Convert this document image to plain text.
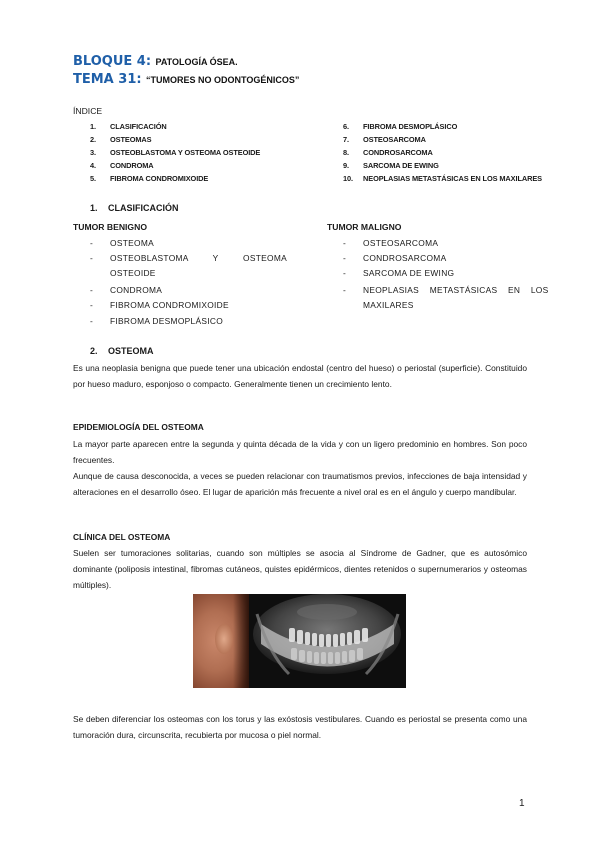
BLOQUE 4: PATOLOGÍA ÓSEA.
TEMA 31: “TUMORES NO ODONTOGÉNICOS”
ÍNDICE
1. CLASIFICACIÓN
2. OSTEOMAS
3. OSTEOBLASTOMA Y OSTEOMA OSTEOIDE
4. CONDROMA
5. FIBROMA CONDROMIXOIDE
6. FIBROMA DESMOPLÁSICO
7. OSTEOSARCOMA
8. CONDROSARCOMA
9. SARCOMA DE EWING
10. NEOPLASIAS METASTÁSICAS EN LOS MAXILARES
1. CLASIFICACIÓN
TUMOR BENIGNO	TUMOR MALIGNO
- OSTEOMA
- OSTEOBLASTOMA Y OSTEOMA
OSTEOIDE
- CONDROMA
- FIBROMA CONDROMIXOIDE
- FIBROMA DESMOPLÁSICO
- OSTEOSARCOMA
- CONDROSARCOMA
- SARCOMA DE EWING
- NEOPLASIAS METASTÁSICAS EN LOS
MAXILARES
2. OSTEOMA
Es una neoplasia benigna que puede tener una ubicación endostal (centro del hueso) o periostal (superficie). Constituido por hueso maduro, esponjoso o compacto. Generalmente tienen un crecimiento lento.
EPIDEMIOLOGÍA DEL OSTEOMA
La mayor parte aparecen entre la segunda y quinta década de la vida y con un ligero predominio en hombres. Son poco frecuentes.
Aunque de causa desconocida, a veces se pueden relacionar con traumatismos previos, infecciones de baja intensidad y alteraciones en el desarrollo óseo. El lugar de aparición más frecuente a nivel oral es en el ángulo y cuerpo mandibular.
CLÍNICA DEL OSTEOMA
Suelen ser tumoraciones solitarias, cuando son múltiples se asocia al Síndrome de Gadner, que es autosómico dominante (poliposis intestinal, fibromas cutáneos, quistes epidérmicos, dientes retenidos o supernumerarios y osteomas múltiples).
Se deben diferenciar los osteomas con los torus y las exóstosis vestibulares. Cuando es periostal se presenta como una tumoración dura, circunscrita, recubierta por mucosa o piel normal.
1
